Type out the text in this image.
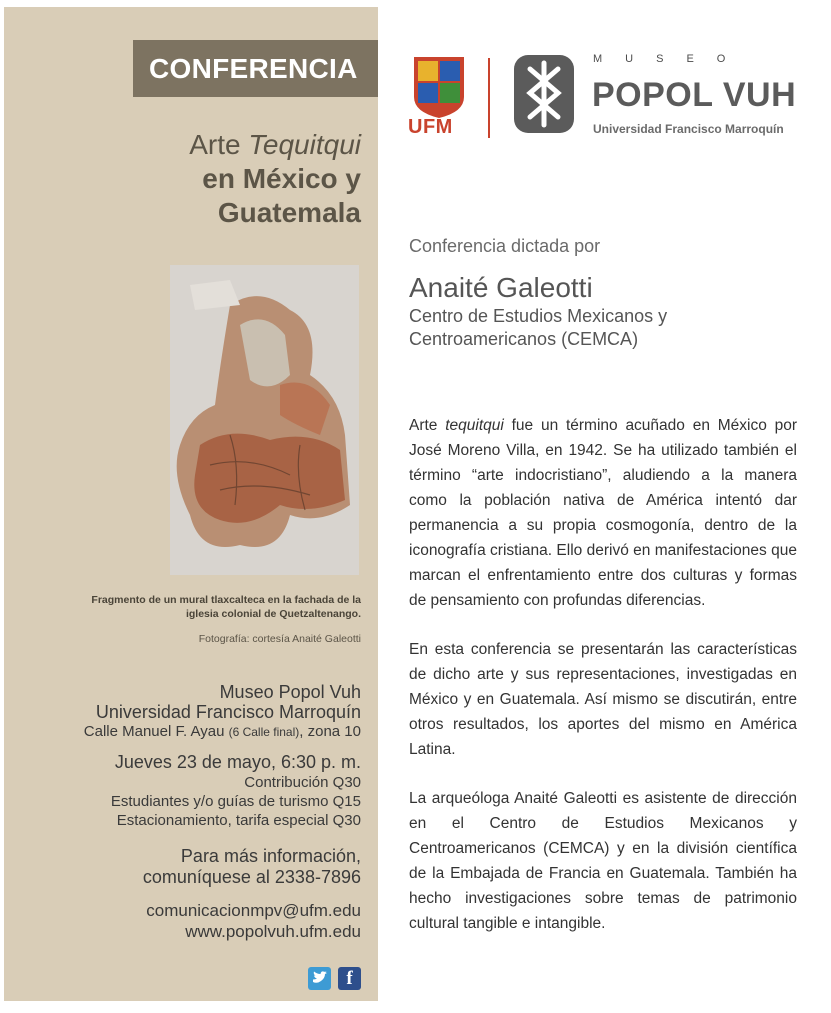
CONFERENCIA
Arte Tequitqui
en México y
Guatemala
Fragmento de un mural tlaxcalteca en la fachada de la
iglesia colonial de Quetzaltenango.
Fotografía: cortesía Anaité Galeotti
Museo Popol Vuh
Universidad Francisco Marroquín
Calle Manuel F. Ayau (6 Calle final), zona 10
Jueves 23 de mayo, 6:30 p. m.
Contribución Q30
Estudiantes y/o guías de turismo Q15
Estacionamiento, tarifa especial Q30
Para más información,
comuníquese al 2338-7896
comunicacionmpv@ufm.edu
www.popolvuh.ufm.edu
f
UFM
MUSEO
POPOL VUH
Universidad Francisco Marroquín
Conferencia dictada por
Anaité Galeotti
Centro de Estudios Mexicanos y
Centroamericanos (CEMCA)
Arte tequitqui fue un término acuñado en México por José Moreno Villa, en 1942. Se ha utilizado también el término “arte indocristiano”, aludiendo a la manera como la población nativa de América intentó dar permanencia a su propia cosmogonía, dentro de la iconografía cristiana. Ello derivó en manifestaciones que marcan el enfrentamiento entre dos culturas y formas de pensamiento con profundas diferencias.
En esta conferencia se presentarán las características de dicho arte y sus representaciones, investigadas en México y en Guatemala. Así mismo se discutirán, entre otros resultados, los aportes del mismo en América Latina.
La arqueóloga Anaité Galeotti es asistente de dirección en el Centro de Estudios Mexicanos y Centroamericanos (CEMCA) y en la división científica de la Embajada de Francia en Guatemala. También ha hecho investigaciones sobre temas de patrimonio cultural tangible e intangible.
